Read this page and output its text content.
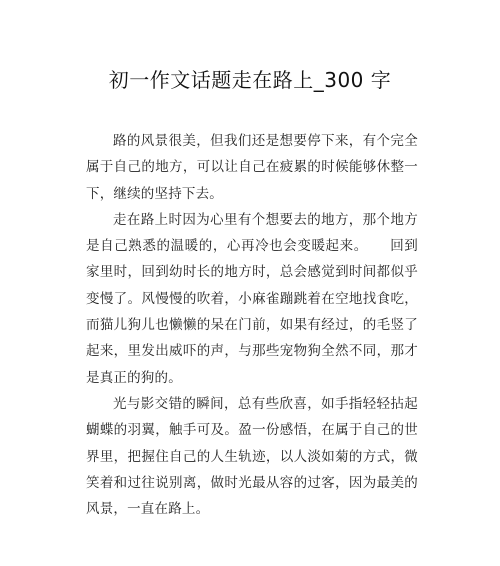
初一作文话题走在路上_300 字

路的风景很美，但我们还是想要停下来，有个完全属于自己的地方，可以让自己在疲累的时候能够休整一下，继续的坚持下去。

走在路上时因为心里有个想要去的地方，那个地方是自己熟悉的温暖的，心再冷也会变暖起来。 回到家里时，回到幼时长的地方时，总会感觉到时间都似乎变慢了。风慢慢的吹着，小麻雀蹦跳着在空地找食吃，而猫儿狗儿也懒懒的呆在门前，如果有经过，的毛竖了起来，里发出威吓的声，与那些宠物狗全然不同，那才是真正的狗的。

光与影交错的瞬间，总有些欣喜，如手指轻轻拈起蝴蝶的羽翼，触手可及。盈一份感悟，在属于自己的世界里，把握住自己的人生轨迹，以人淡如菊的方式，微笑着和过往说别离，做时光最从容的过客，因为最美的风景，一直在路上。
